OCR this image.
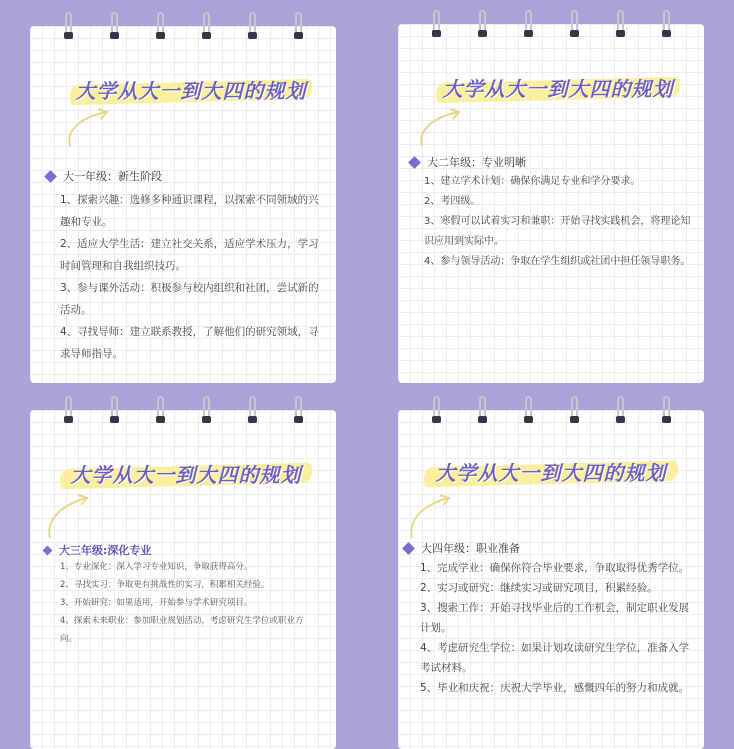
大学从大一到大四的规划
大一年级：新生阶段

1、探索兴趣：选修多种通识课程，以探索不同领域的兴趣和专业。

2、适应大学生活：建立社交关系，适应学术压力，学习时间管理和自我组织技巧。

3、参与课外活动：积极参与校内组织和社团，尝试新的活动。

4、寻找导师：建立联系教授，了解他们的研究领域，寻求导师指导。

大学从大一到大四的规划
大二年级：专业明晰

1、建立学术计划：确保你满足专业和学分要求。

2、考四级。

3、寒假可以试着实习和兼职：开始寻找实践机会，将理论知识应用到实际中。

4、参与领导活动：争取在学生组织或社团中担任领导职务。

大学从大一到大四的规划
大三年级:深化专业

1、专业深化：深入学习专业知识，争取获得高分。

2、寻找实习：争取更有挑战性的实习，积累相关经验。

3、开始研究：如果适用，开始参与学术研究项目。

4、探索未来职业：参加职业规划活动，考虑研究生学位或职业方向。

大学从大一到大四的规划
大四年级：职业准备

1、完成学业：确保你符合毕业要求，争取取得优秀学位。

2、实习或研究：继续实习或研究项目，积累经验。

3、搜索工作：开始寻找毕业后的工作机会，制定职业发展计划。

4、考虑研究生学位：如果计划攻读研究生学位，准备入学考试材料。

5、毕业和庆祝：庆祝大学毕业，感慨四年的努力和成就。
